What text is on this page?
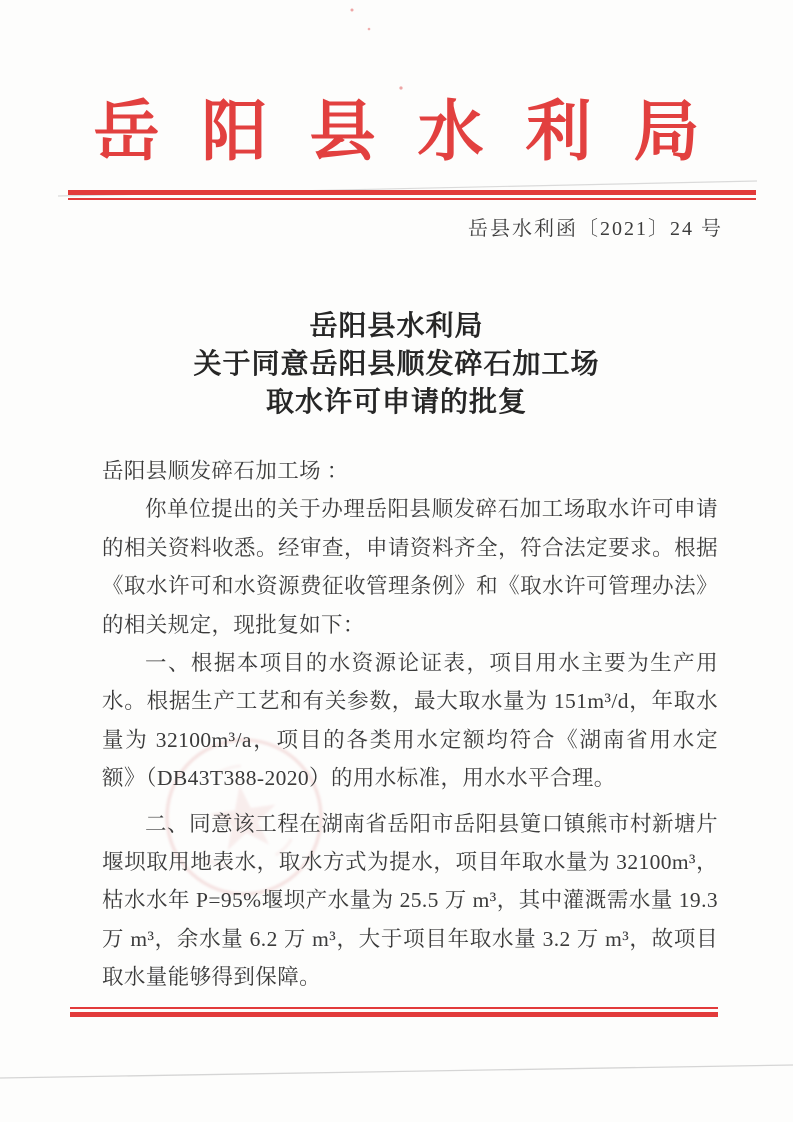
岳阳县水利局
岳县水利函〔2021〕24 号
岳阳县水利局
关于同意岳阳县顺发碎石加工场
取水许可申请的批复

岳阳县顺发碎石加工场 ：

你单位提出的关于办理岳阳县顺发碎石加工场取水许可申请的相关资料收悉。经审查，申请资料齐全，符合法定要求。根据《取水许可和水资源费征收管理条例》和《取水许可管理办法》的相关规定，现批复如下：

一、根据本项目的水资源论证表，项目用水主要为生产用水。根据生产工艺和有关参数，最大取水量为 151m³/d，年取水量为 32100m³/a，项目的各类用水定额均符合《湖南省用水定额》（DB43T388-2020）的用水标准，用水水平合理。

二、同意该工程在湖南省岳阳市岳阳县筻口镇熊市村新塘片堰坝取用地表水，取水方式为提水，项目年取水量为 32100m³，枯水水年 P=95%堰坝产水量为 25.5 万 m³，其中灌溉需水量 19.3 万 m³，余水量 6.2 万 m³，大于项目年取水量 3.2 万 m³，故项目取水量能够得到保障。
